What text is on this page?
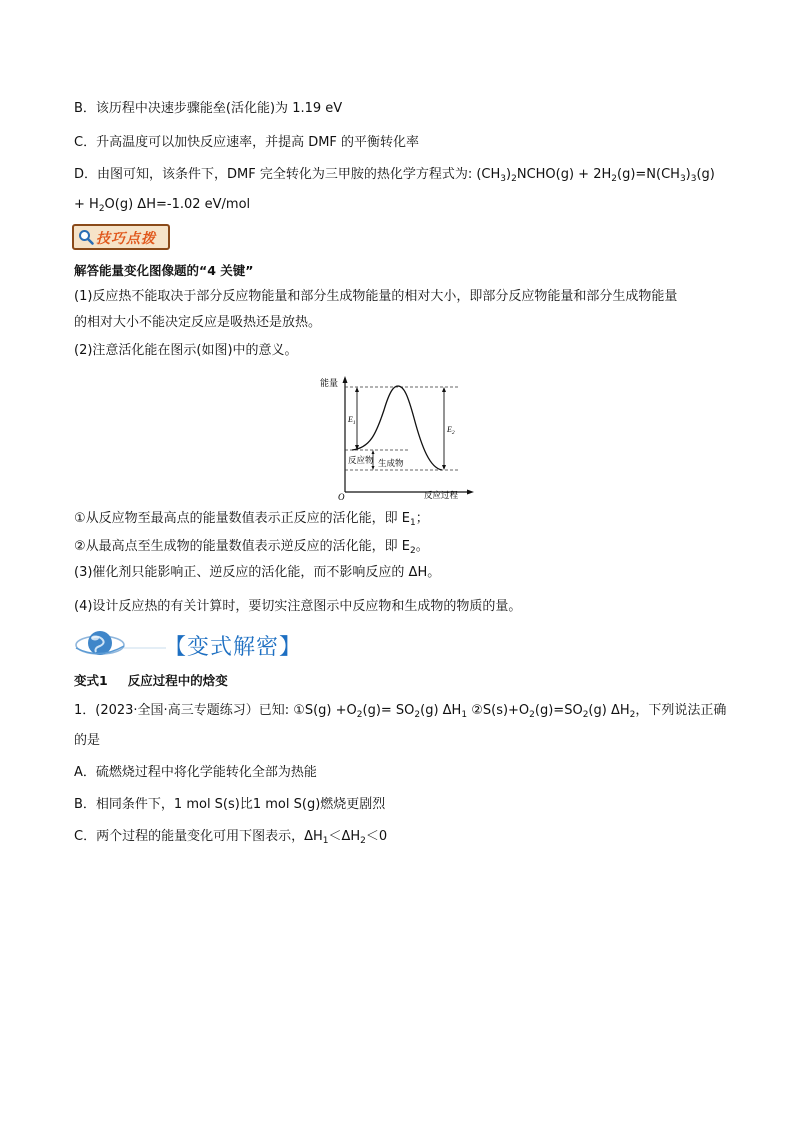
B．该历程中决速步骤能垒(活化能)为 1.19 eV
C．升高温度可以加快反应速率，并提高 DMF 的平衡转化率
D．由图可知，该条件下，DMF 完全转化为三甲胺的热化学方程式为: $(CH_3)_2NCHO(g) + 2H_2(g)=N(CH_3)_3(g)$
+ $H_2O(g)$ ΔH=-1.02 eV/mol
技巧点拨
解答能量变化图像题的“4 关键”
(1)反应热不能取决于部分反应物能量和部分生成物能量的相对大小，即部分反应物能量和部分生成物能量
的相对大小不能决定反应是吸热还是放热。
(2)注意活化能在图示(如图)中的意义。
能量
O	反应过程
$E_1$
$E_2$
反应物 生成物
①从反应物至最高点的能量数值表示正反应的活化能，即 $E_1$；
②从最高点至生成物的能量数值表示逆反应的活化能，即 $E_2$。
(3)催化剂只能影响正、逆反应的活化能，而不影响反应的 ΔH。
(4)设计反应热的有关计算时，要切实注意图示中反应物和生成物的物质的量。
【变式解密】
变式1 反应过程中的焓变
1．(2023·全国·高三专题练习）已知: ①S(g) $+O_2(g)= SO_2(g)$ $\Delta H_1$ $②S(s)+O_2(g)=SO_2(g)$ $\Delta H_2$，下列说法正确
的是
A．硫燃烧过程中将化学能转化全部为热能
B．相同条件下，1 mol S(s)比1 mol S(g)燃烧更剧烈
C．两个过程的能量变化可用下图表示，$\Delta H_1<\Delta H_2<0$
